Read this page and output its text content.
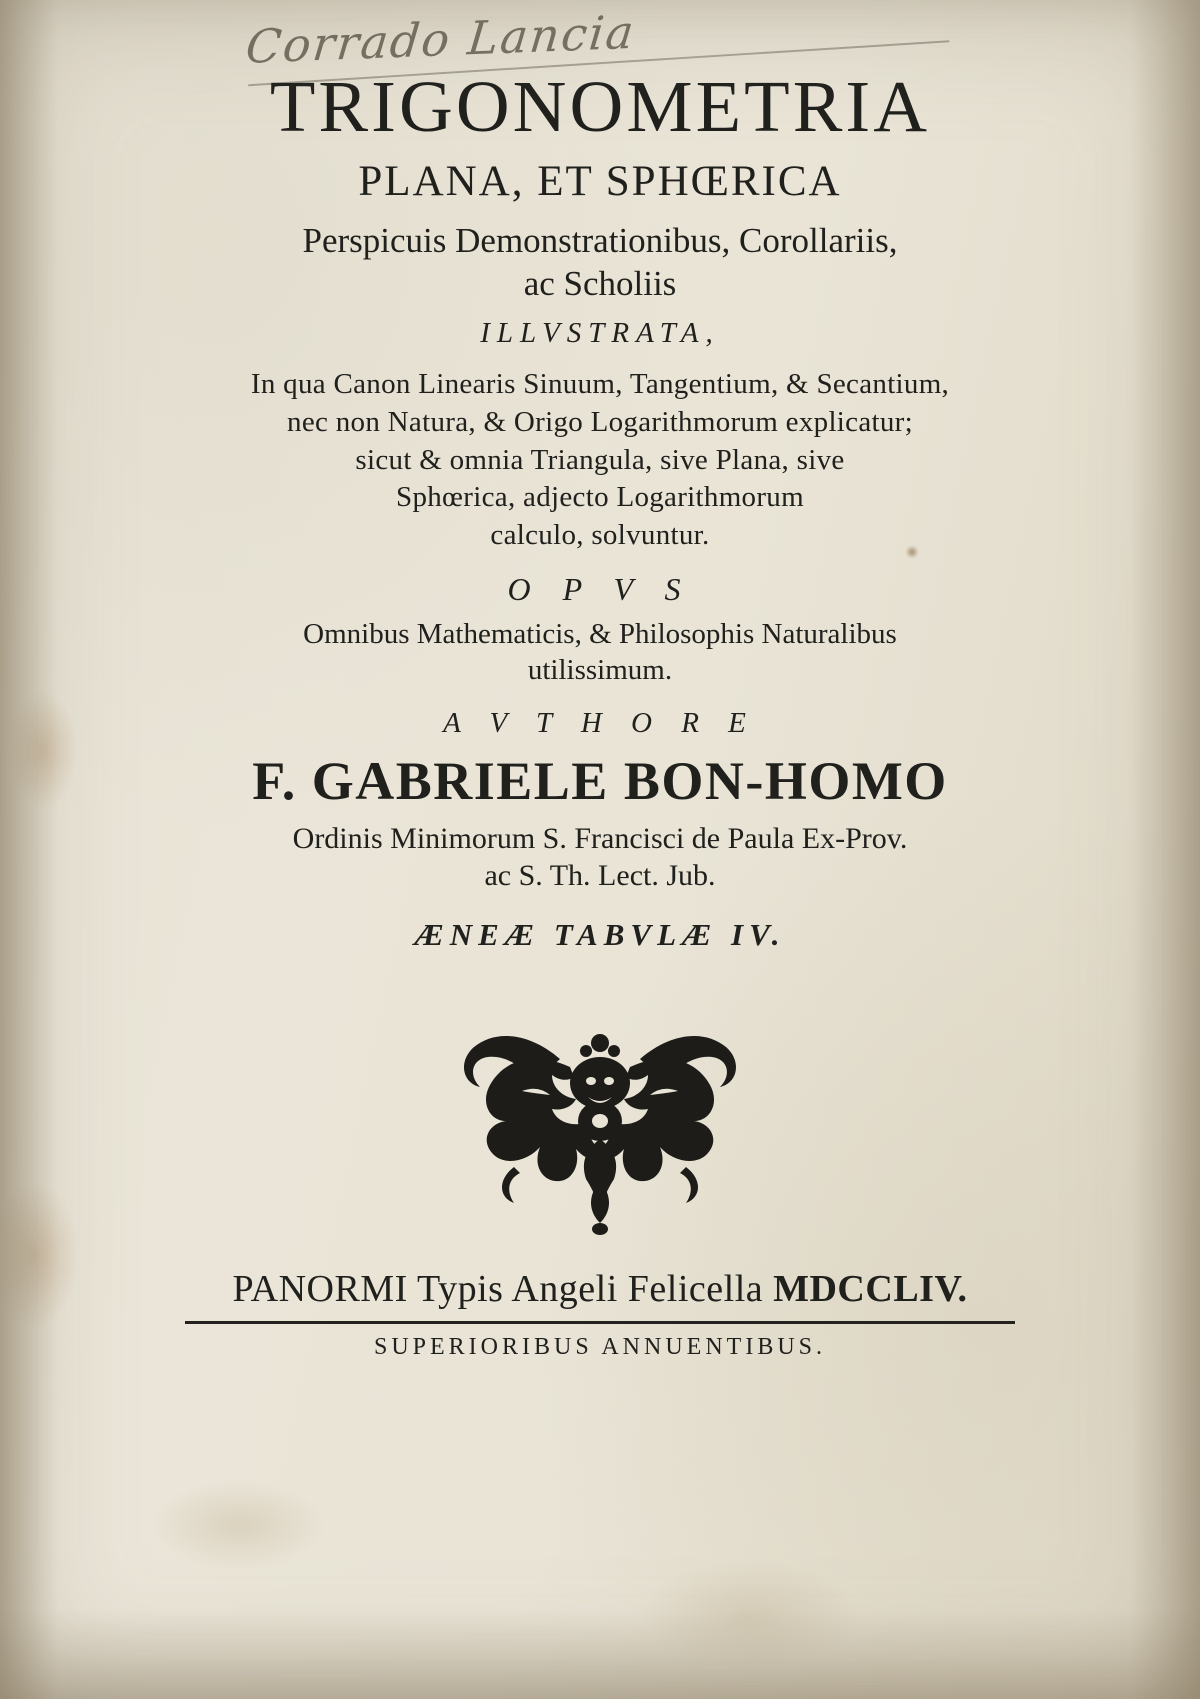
Corrado Lancia
TRIGONOMETRIA
PLANA, ET SPHŒRICA
Perspicuis Demonstrationibus, Corollariis,
ac Scholiis
ILLVSTRATA,
In qua Canon Linearis Sinuum, Tangentium, & Secantium,
nec non Natura, & Origo Logarithmorum explicatur;
sicut & omnia Triangula, sive Plana, sive
Sphœrica, adjecto Logarithmorum
calculo, solvuntur.
O P V S
Omnibus Mathematicis, & Philosophis Naturalibus
utilissimum.
A V T H O R E
F. GABRIELE BON-HOMO
Ordinis Minimorum S. Francisci de Paula Ex-Prov.
ac S. Th. Lect. Jub.
ÆNEÆ TABVLÆ IV.
PANORMI Typis Angeli Felicella MDCCLIV.
SUPERIORIBUS ANNUENTIBUS.
